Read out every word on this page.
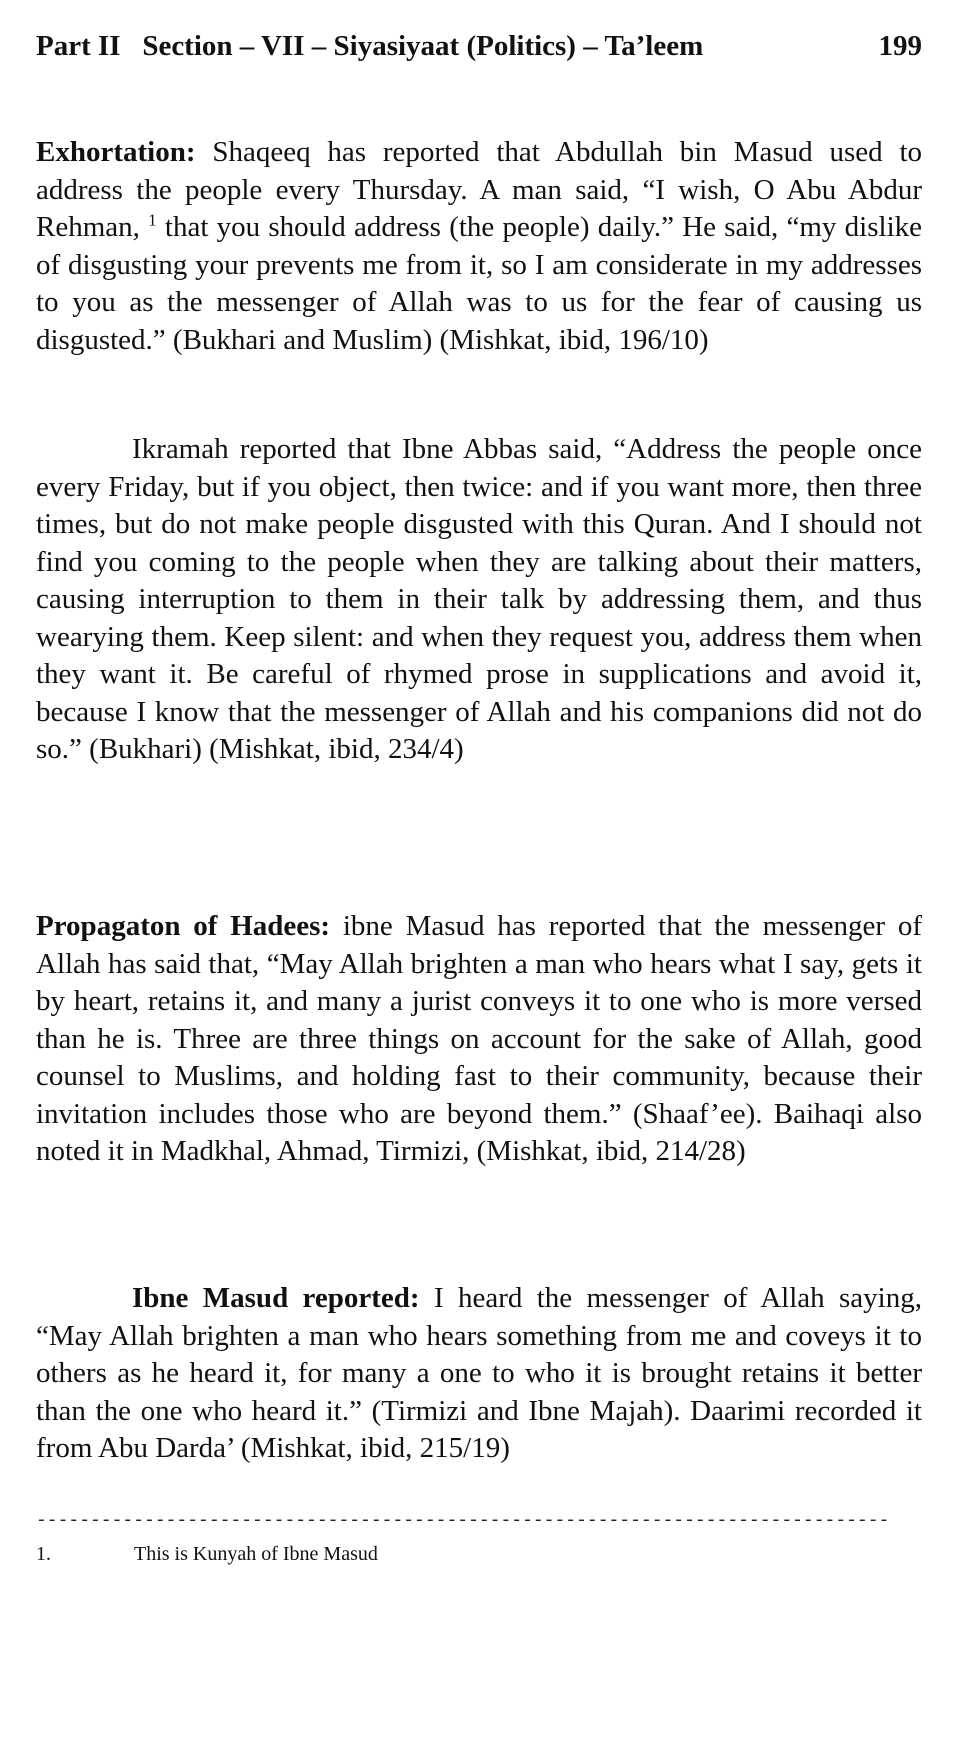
Part II   Section – VII – Siyasiyaat (Politics) – Ta’leem	199

Exhortation: Shaqeeq has reported that Abdullah bin Masud used to address the people every Thursday. A man said, “I wish, O Abu Abdur Rehman, $^1$ that you should address (the people) daily.” He said, “my dislike of disgusting your prevents me from it, so I am considerate in my addresses to you as the messenger of Allah was to us for the fear of causing us disgusted.” (Bukhari and Muslim) (Mishkat, ibid, 196/10)

Ikramah reported that Ibne Abbas said, “Address the people once every Friday, but if you object, then twice: and if you want more, then three times, but do not make people disgusted with this Quran. And I should not find you coming to the people when they are talking about their matters, causing interruption to them in their talk by addressing them, and thus wearying them. Keep silent: and when they request you, address them when they want it. Be careful of rhymed prose in supplications and avoid it, because I know that the messenger of Allah and his companions did not do so.” (Bukhari) (Mishkat, ibid, 234/4)

Propagaton of Hadees: ibne Masud has reported that the messenger of Allah has said that, “May Allah brighten a man who hears what I say, gets it by heart, retains it, and many a jurist conveys it to one who is more versed than he is. Three are three things on account for the sake of Allah, good counsel to Muslims, and holding fast to their community, because their invitation includes those who are beyond them.” (Shaaf’ee). Baihaqi also noted it in Madkhal, Ahmad, Tirmizi, (Mishkat, ibid, 214/28)

Ibne Masud reported: I heard the messenger of Allah saying, “May Allah brighten a man who hears something from me and coveys it to others as he heard it, for many a one to who it is brought retains it better than the one who heard it.” (Tirmizi and Ibne Majah). Daarimi recorded it from Abu Darda’ (Mishkat, ibid, 215/19)

-------------------------------------------------------------------------------
1.	This is Kunyah of Ibne Masud
